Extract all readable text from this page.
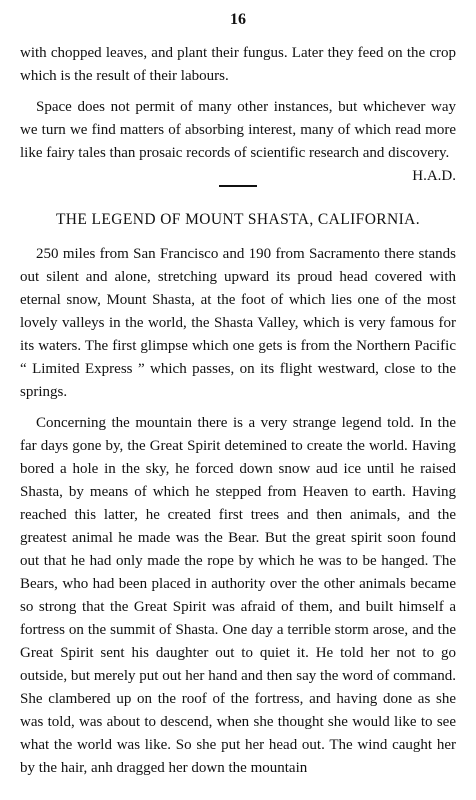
16

with chopped leaves, and plant their fungus. Later they feed on the crop which is the result of their labours.

Space does not permit of many other instances, but whichever way we turn we find matters of absorbing interest, many of which read more like fairy tales than prosaic records of scientific research and discovery.
H.A.D.

THE LEGEND OF MOUNT SHASTA, CALIFORNIA.

250 miles from San Francisco and 190 from Sacramento there stands out silent and alone, stretching upward its proud head covered with eternal snow, Mount Shasta, at the foot of which lies one of the most lovely valleys in the world, the Shasta Valley, which is very famous for its waters. The first glimpse which one gets is from the Northern Pacific “ Limited Express ” which passes, on its flight westward, close to the springs.

Concerning the mountain there is a very strange legend told. In the far days gone by, the Great Spirit detemined to create the world. Having bored a hole in the sky, he forced down snow aud ice until he raised Shasta, by means of which he stepped from Heaven to earth. Having reached this latter, he created first trees and then animals, and the greatest animal he made was the Bear. But the great spirit soon found out that he had only made the rope by which he was to be hanged. The Bears, who had been placed in authority over the other animals became so strong that the Great Spirit was afraid of them, and built himself a fortress on the summit of Shasta. One day a terrible storm arose, and the Great Spirit sent his daughter out to quiet it. He told her not to go outside, but merely put out her hand and then say the word of command. She clambered up on the roof of the fortress, and having done as she was told, was about to descend, when she thought she would like to see what the world was like. So she put her head out. The wind caught her by the hair, anh dragged her down the mountain
